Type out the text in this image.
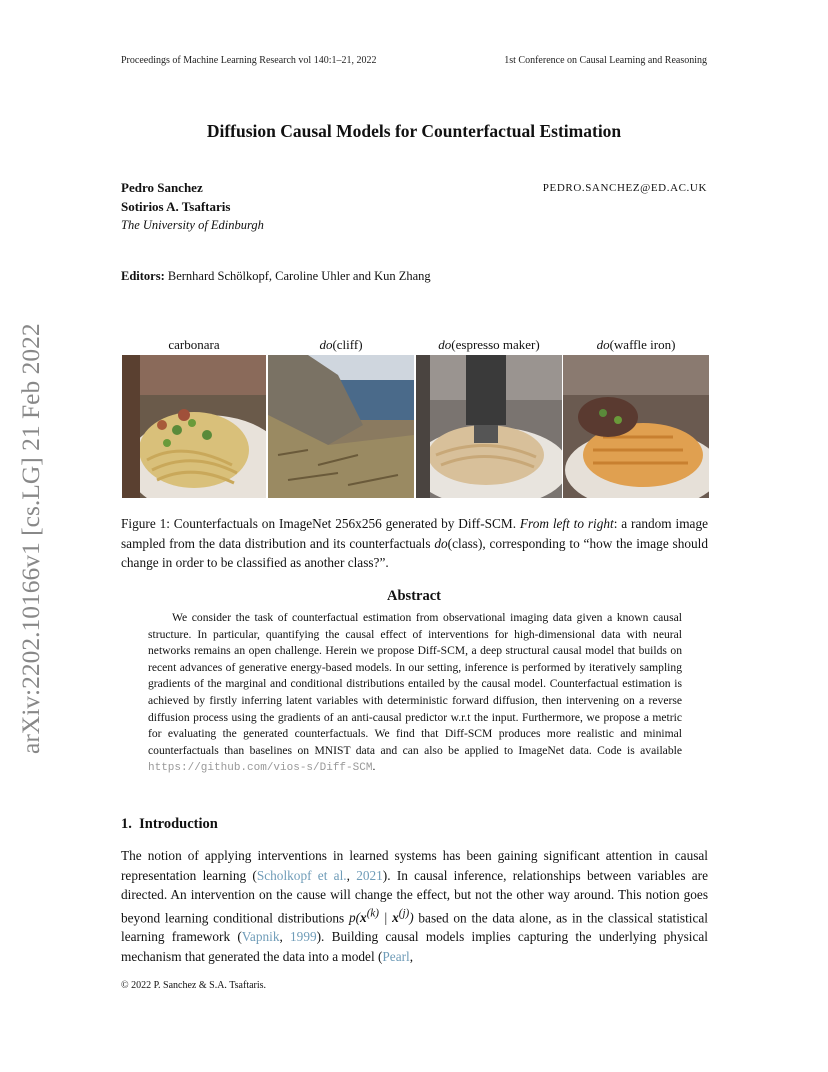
Proceedings of Machine Learning Research vol 140:1–21, 2022	1st Conference on Causal Learning and Reasoning
arXiv:2202.10166v1 [cs.LG] 21 Feb 2022
Diffusion Causal Models for Counterfactual Estimation
Pedro Sanchez
Sotirios A. Tsaftaris
PEDRO.SANCHEZ@ED.AC.UK
The University of Edinburgh
Editors: Bernhard Schölkopf, Caroline Uhler and Kun Zhang
carbonara	do(cliff)	do(espresso maker)	do(waffle iron)
Figure 1: Counterfactuals on ImageNet 256x256 generated by Diff-SCM. From left to right: a random image sampled from the data distribution and its counterfactuals do(class), corresponding to “how the image should change in order to be classified as another class?”.
Abstract
We consider the task of counterfactual estimation from observational imaging data given a known causal structure. In particular, quantifying the causal effect of interventions for high-dimensional data with neural networks remains an open challenge. Herein we propose Diff-SCM, a deep structural causal model that builds on recent advances of generative energy-based models. In our setting, inference is performed by iteratively sampling gradients of the marginal and conditional distributions entailed by the causal model. Counterfactual estimation is achieved by firstly inferring latent variables with deterministic forward diffusion, then intervening on a reverse diffusion process using the gradients of an anti-causal predictor w.r.t the input. Furthermore, we propose a metric for evaluating the generated counterfactuals. We find that Diff-SCM produces more realistic and minimal counterfactuals than baselines on MNIST data and can also be applied to ImageNet data. Code is available https://github.com/vios-s/Diff-SCM.
1. Introduction
The notion of applying interventions in learned systems has been gaining significant attention in causal representation learning (Scholkopf et al., 2021). In causal inference, relationships between variables are directed. An intervention on the cause will change the effect, but not the other way around. This notion goes beyond learning conditional distributions $p(x^{(k)}$ | $x^{(j)}$) based on the data alone, as in the classical statistical learning framework (Vapnik, 1999). Building causal models implies capturing the underlying physical mechanism that generated the data into a model (Pearl,
© 2022 P. Sanchez & S.A. Tsaftaris.
